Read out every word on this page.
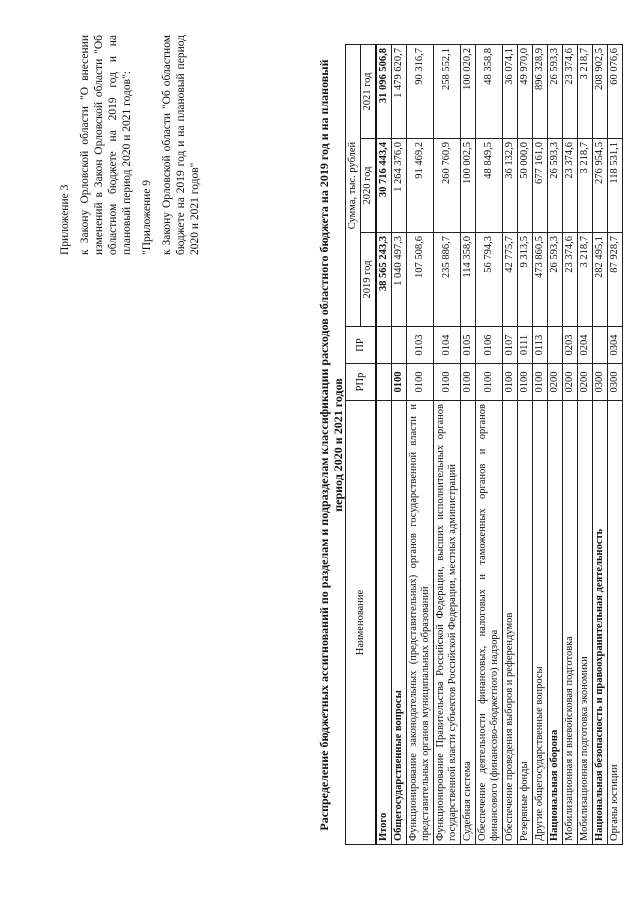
Приложение 3 к Закону Орловской области "О внесении изменений в Закон Орловской области "Об областном бюджете на 2019 год и на плановый период 2020 и 2021 годов": "Приложение 9 к Закону Орловской области "Об областном бюджете на 2019 год и на плановый период 2020 и 2021 годов"	Распределение бюджетных ассигнований по разделам и подразделам классификации расходов областного бюджета на 2019 год и на плановый период 2020 и 2021 годов
Наименование	РПр	ПР	Сумма, тыс. рублей		
			2019 год	2020 год	2021 год
Итого			38 565 243,3	30 716 443,4	31 096 506,8
Общегосударственные вопросы	0100		1 040 497,3	1 264 376,0	1 479 620,7
Функционирование законодательных (представительных) органов государственной власти и представительных органов муниципальных образований	0100	0103	107 508,6	91 469,2	90 316,7
Функционирование Правительства Российской Федерации, высших исполнительных органов государственной власти субъектов Российской Федерации, местных администраций	0100	0104	235 886,7	260 760,9	258 552,1
Судебная система	0100	0105	114 358,0	100 002,5	100 020,2
Обеспечение деятельности финансовых, налоговых и таможенных органов и органов финансового (финансово-бюджетного) надзора	0100	0106	56 794,3	48 849,5	48 358,8
Обеспечение проведения выборов и референдумов	0100	0107	42 775,7	36 132,9	36 074,1
Резервные фонды	0100	0111	9 313,5	50 000,0	49 970,0
Другие общегосударственные вопросы	0100	0113	473 860,5	677 161,0	896 328,9
Национальная оборона	0200		26 593,3	26 593,3	26 593,3
Мобилизационная и вневойсковая подготовка	0200	0203	23 374,6	23 374,6	23 374,6
Мобилизационная подготовка экономики	0200	0204	3 218,7	3 218,7	3 218,7
Национальная безопасность и правоохранительная деятельность	0300		282 495,1	276 954,5	208 902,5
Органы юстиции	0300	0304	87 928,7	118 531,1	60 076,6
